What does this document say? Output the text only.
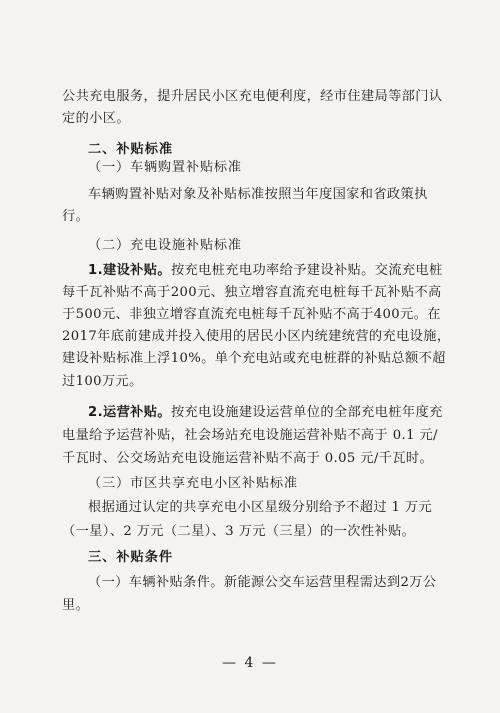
公共充电服务，提升居民小区充电便利度，经市住建局等部门认
定的小区。
二、补贴标准
（一）车辆购置补贴标准
车辆购置补贴对象及补贴标准按照当年度国家和省政策执
行。
（二）充电设施补贴标准
1.建设补贴。按充电桩充电功率给予建设补贴。交流充电桩
每千瓦补贴不高于200元、独立增容直流充电桩每千瓦补贴不高
于500元、非独立增容直流充电桩每千瓦补贴不高于400元。在
2017年底前建成并投入使用的居民小区内统建统营的充电设施，
建设补贴标准上浮10%。单个充电站或充电桩群的补贴总额不超
过100万元。
2.运营补贴。按充电设施建设运营单位的全部充电桩年度充
电量给予运营补贴，社会场站充电设施运营补贴不高于 0.1 元/
千瓦时、公交场站充电设施运营补贴不高于 0.05 元/千瓦时。
（三）市区共享充电小区补贴标准
根据通过认定的共享充电小区星级分别给予不超过 1 万元
（一星）、2 万元（二星）、3 万元（三星）的一次性补贴。
三、补贴条件
（一）车辆补贴条件。新能源公交车运营里程需达到2万公
里。
— 4 —
